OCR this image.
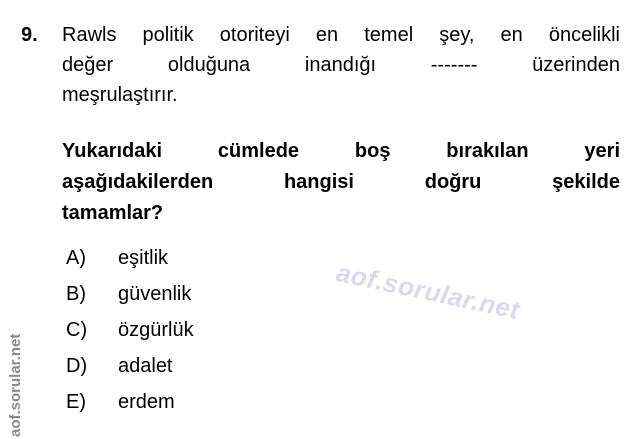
9.	Rawls politik otoriteyi en temel şey, en öncelikli
değer olduğuna inandığı ------- üzerinden
meşrulaştırır.
Yukarıdaki cümlede boş bırakılan yeri
aşağıdakilerden hangisi doğru şekilde
tamamlar?
A)	eşitlik
B)	güvenlik
C)	özgürlük
D)	adalet
E)	erdem
aof.sorular.net
aof.sorular.net
